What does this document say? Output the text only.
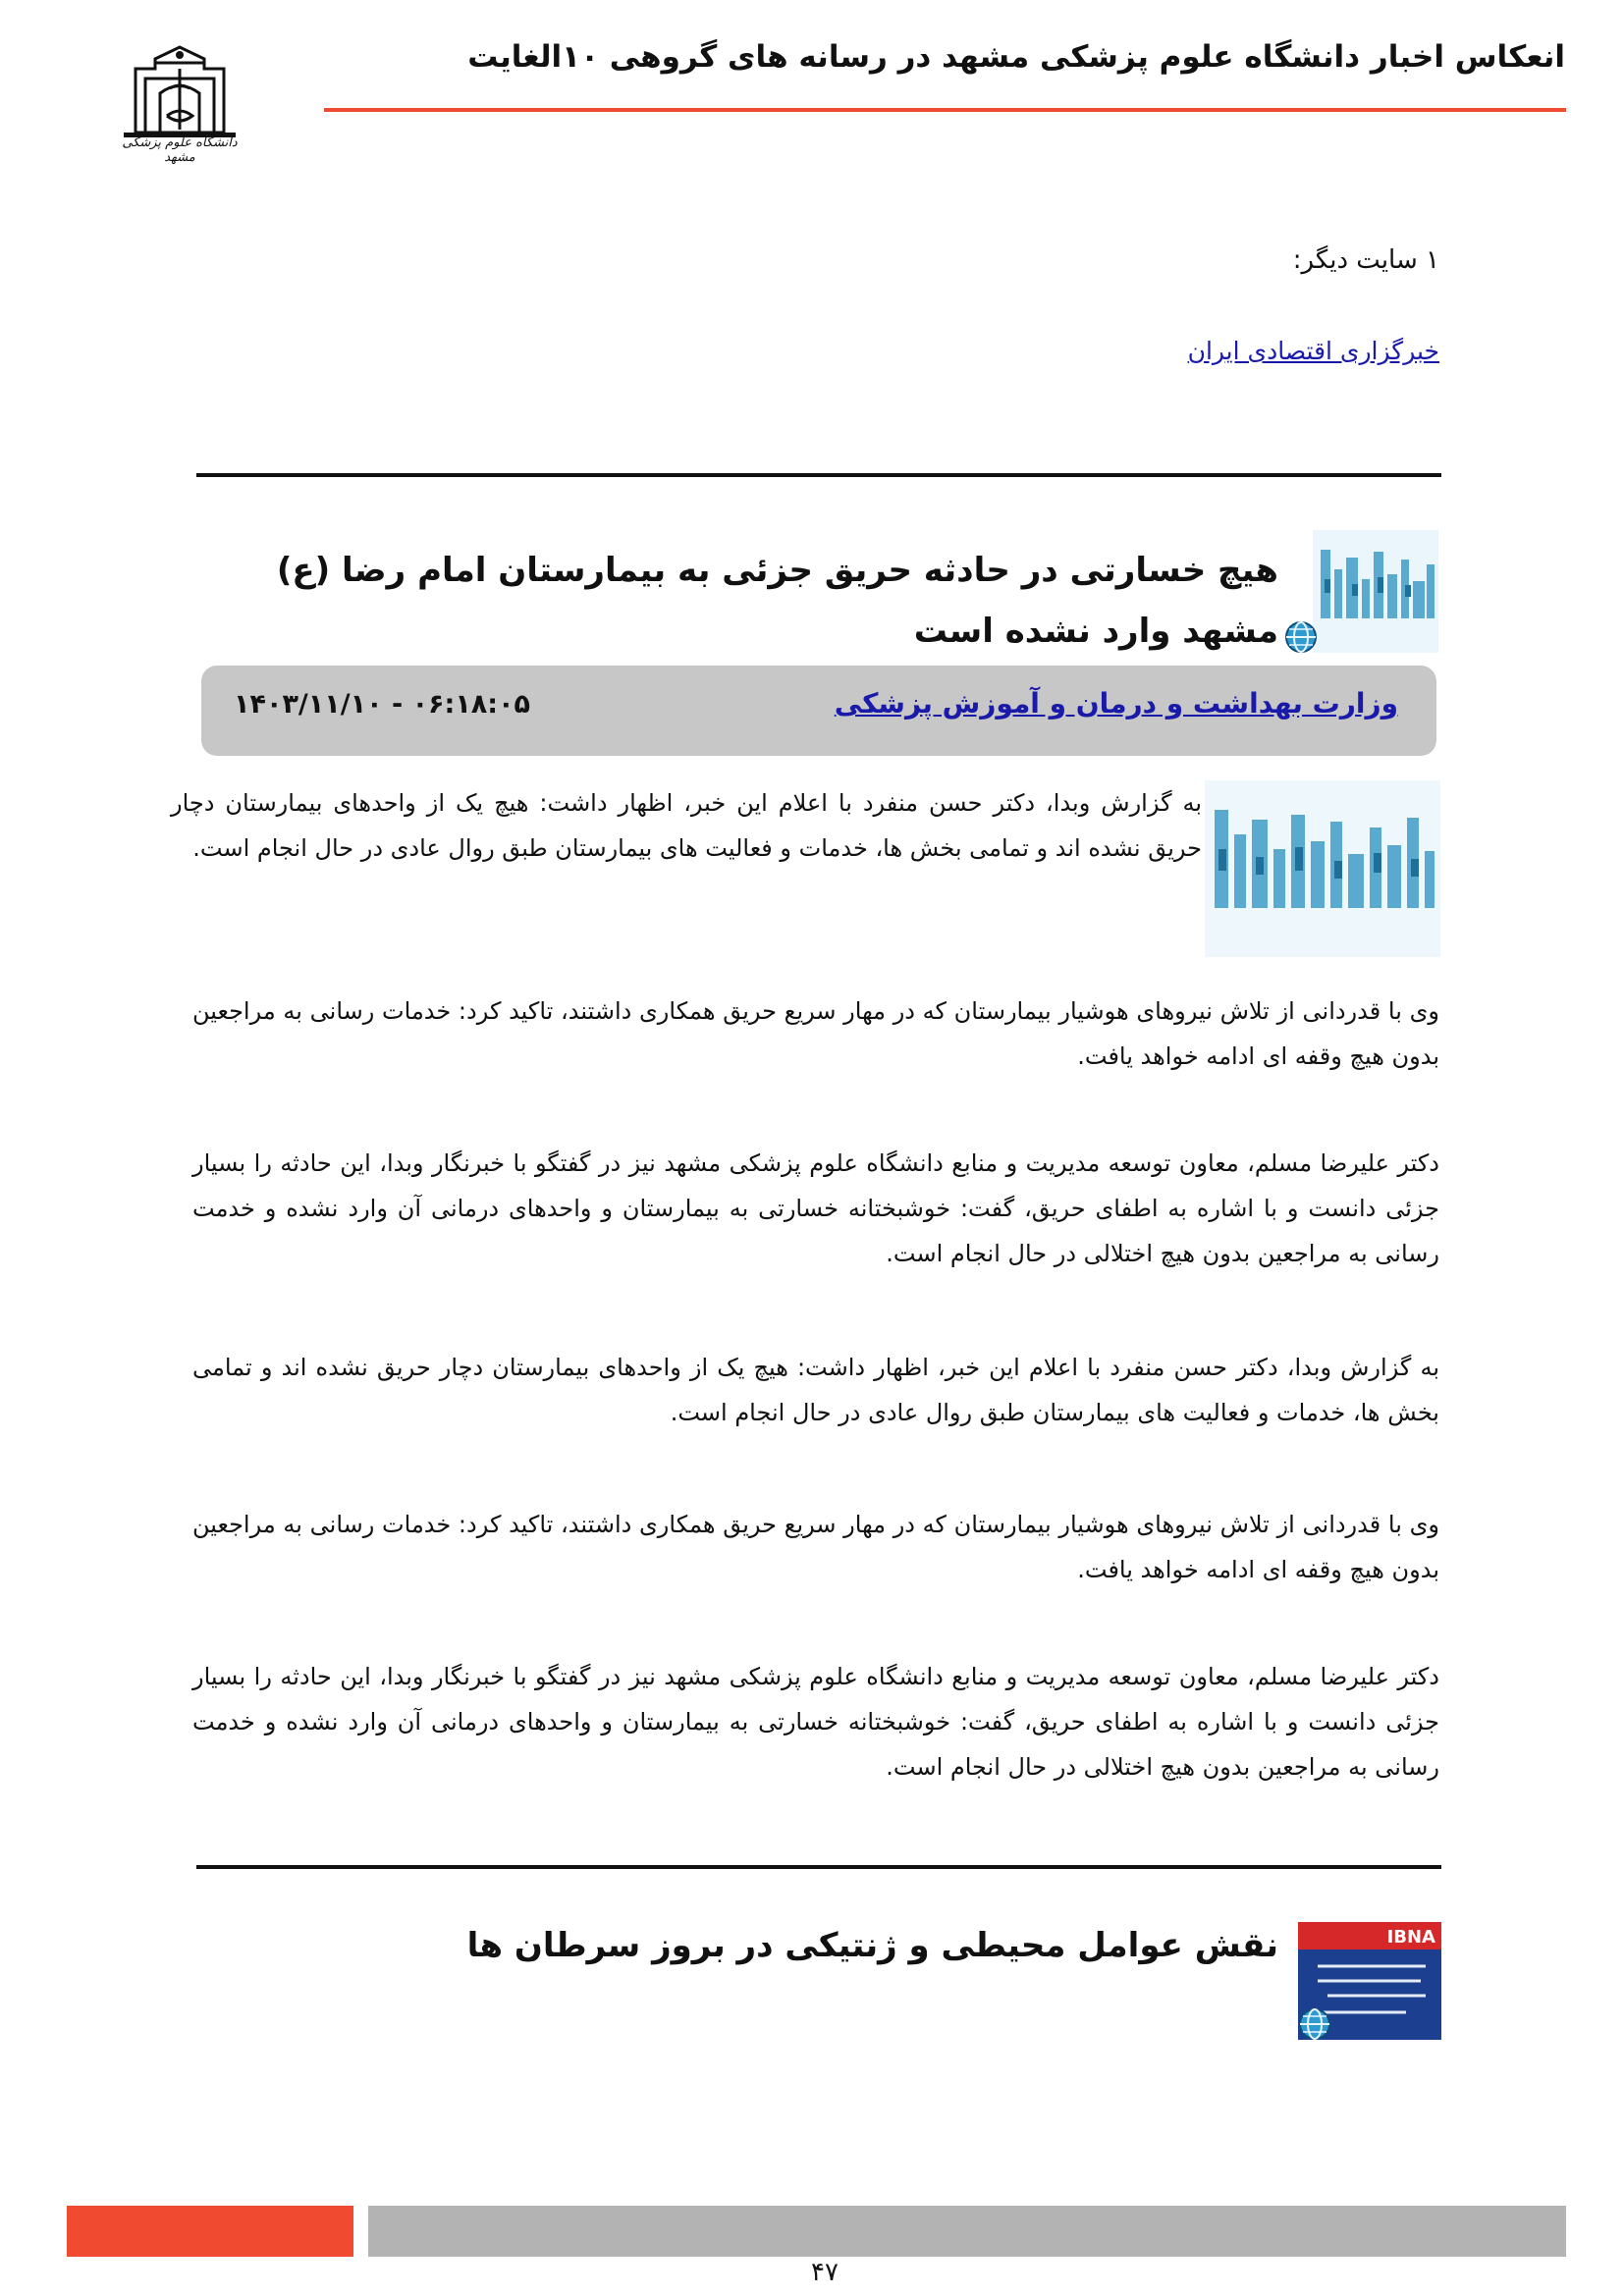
انعکاس اخبار دانشگاه علوم پزشکی مشهد در رسانه های گروهی ۱۰الغایت
دانشگاه علوم پزشکی مشهد
۱ سایت دیگر:
خبرگزاری اقتصادی ایران
هیچ خسارتی در حادثه حریق جزئی به بیمارستان امام رضا (ع) مشهد وارد نشده است
وزارت بهداشت و درمان و آموزش پزشکی
۱۴۰۳/۱۱/۱۰ - ۰۶:۱۸:۰۵
به گزارش وبدا، دکتر حسن منفرد با اعلام این خبر، اظهار داشت: هیچ یک از واحدهای بیمارستان دچار حریق نشده اند و تمامی بخش ها، خدمات و فعالیت های بیمارستان طبق روال عادی در حال انجام است.
وی با قدردانی از تلاش نیروهای هوشیار بیمارستان که در مهار سریع حریق همکاری داشتند، تاکید کرد: خدمات رسانی به مراجعین بدون هیچ وقفه ای ادامه خواهد یافت.
دکتر علیرضا مسلم، معاون توسعه مدیریت و منابع دانشگاه علوم پزشکی مشهد نیز در گفتگو با خبرنگار وبدا، این حادثه را بسیار جزئی دانست و با اشاره به اطفای حریق، گفت: خوشبختانه خسارتی به بیمارستان و واحدهای درمانی آن وارد نشده و خدمت رسانی به مراجعین بدون هیچ اختلالی در حال انجام است.
به گزارش وبدا، دکتر حسن منفرد با اعلام این خبر، اظهار داشت: هیچ یک از واحدهای بیمارستان دچار حریق نشده اند و تمامی بخش ها، خدمات و فعالیت های بیمارستان طبق روال عادی در حال انجام است.
وی با قدردانی از تلاش نیروهای هوشیار بیمارستان که در مهار سریع حریق همکاری داشتند، تاکید کرد: خدمات رسانی به مراجعین بدون هیچ وقفه ای ادامه خواهد یافت.
دکتر علیرضا مسلم، معاون توسعه مدیریت و منابع دانشگاه علوم پزشکی مشهد نیز در گفتگو با خبرنگار وبدا، این حادثه را بسیار جزئی دانست و با اشاره به اطفای حریق، گفت: خوشبختانه خسارتی به بیمارستان و واحدهای درمانی آن وارد نشده و خدمت رسانی به مراجعین بدون هیچ اختلالی در حال انجام است.
IBNA
نقش عوامل محیطی و ژنتیکی در بروز سرطان ها
۴۷
